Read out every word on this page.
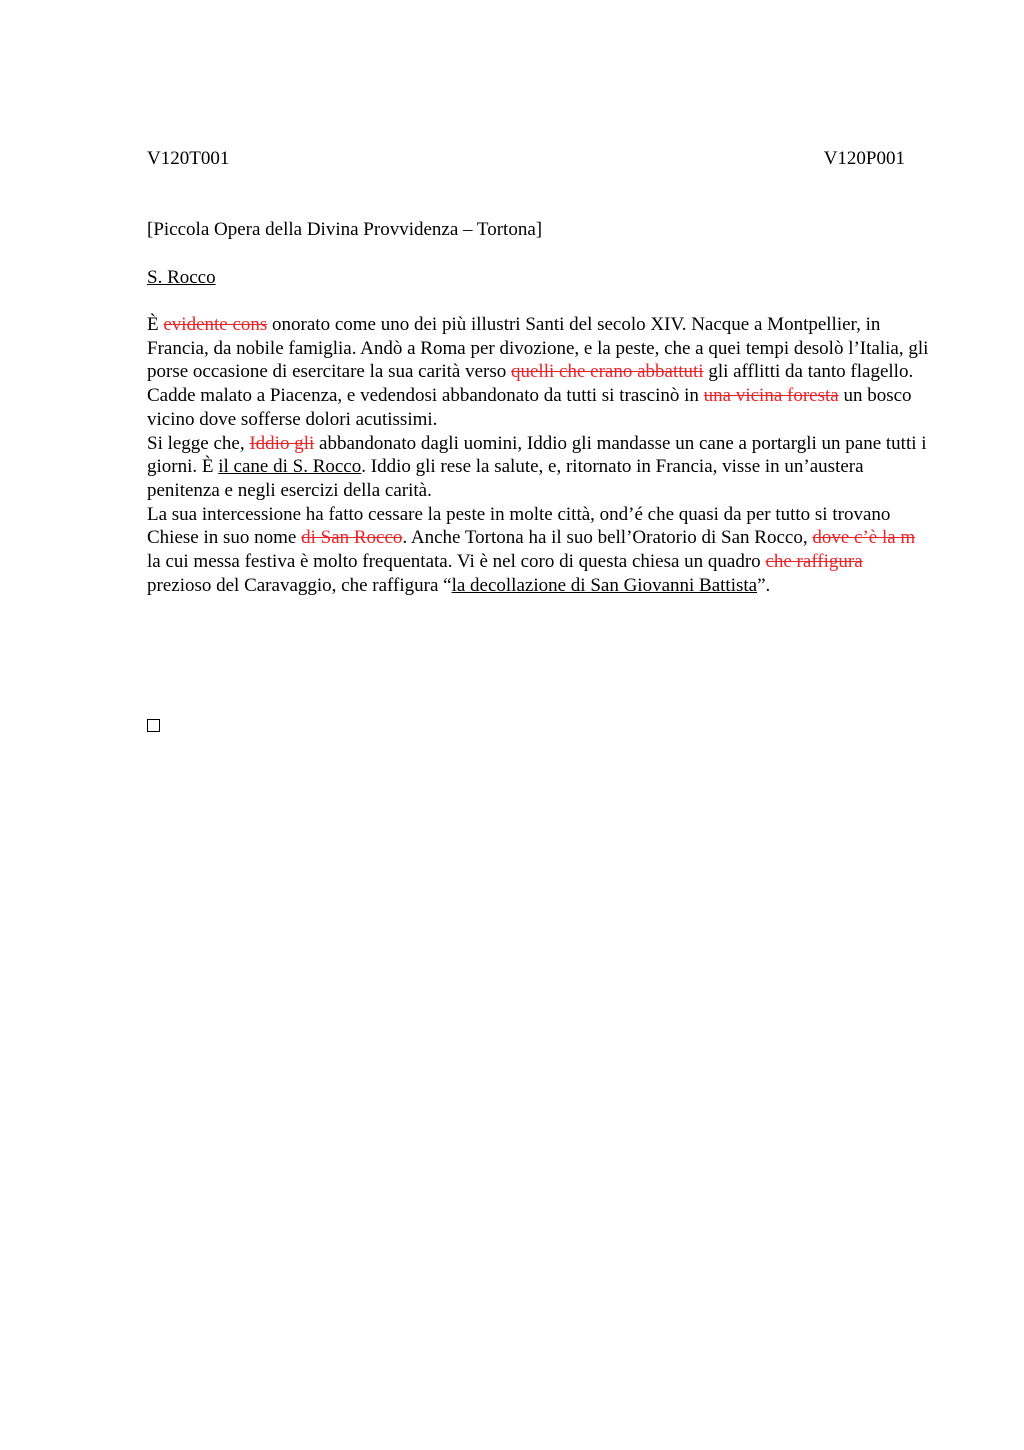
V120T001	V120P001
[Piccola Opera della Divina Provvidenza – Tortona]
S. Rocco

È evidente cons onorato come uno dei più illustri Santi del secolo XIV. Nacque a Montpellier, in Francia, da nobile famiglia. Andò a Roma per divozione, e la peste, che a quei tempi desolò l’Italia, gli porse occasione di esercitare la sua carità verso quelli che erano abbattuti gli afflitti da tanto flagello.

Cadde malato a Piacenza, e vedendosi abbandonato da tutti si trascinò in una vicina foresta un bosco vicino dove sofferse dolori acutissimi.

Si legge che, Iddio gli abbandonato dagli uomini, Iddio gli mandasse un cane a portargli un pane tutti i giorni. È il cane di S. Rocco. Iddio gli rese la salute, e, ritornato in Francia, visse in un’austera penitenza e negli esercizi della carità.

La sua intercessione ha fatto cessare la peste in molte città, ond’é che quasi da per tutto si trovano Chiese in suo nome di San Rocco. Anche Tortona ha il suo bell’Oratorio di San Rocco, dove c’è la m la cui messa festiva è molto frequentata. Vi è nel coro di questa chiesa un quadro che raffigura prezioso del Caravaggio, che raffigura “la decollazione di San Giovanni Battista”.
